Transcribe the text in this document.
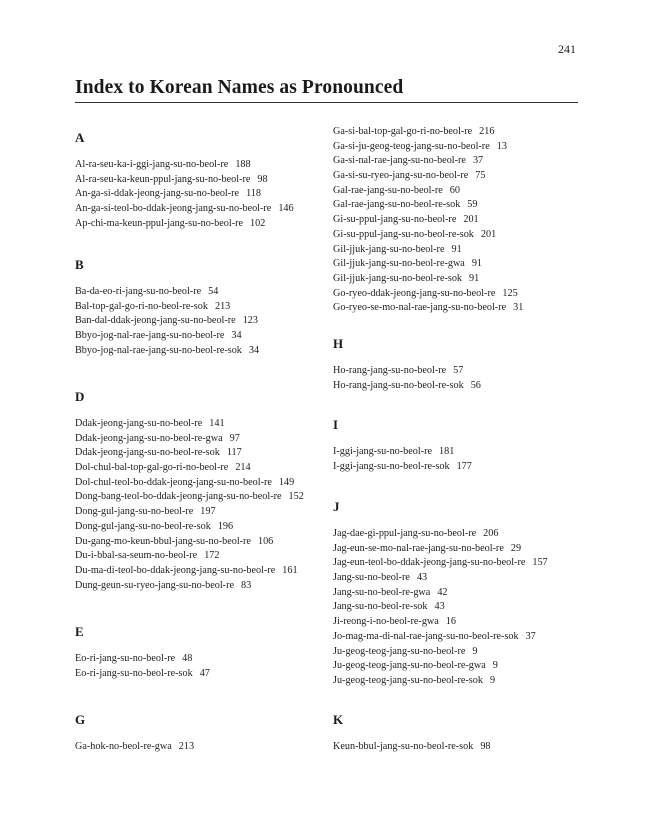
241
Index to Korean Names as Pronounced
A
Al-ra-seu-ka-i-ggi-jang-su-no-beol-re 188
Al-ra-seu-ka-keun-ppul-jang-su-no-beol-re 98
An-ga-si-ddak-jeong-jang-su-no-beol-re 118
An-ga-si-teol-bo-ddak-jeong-jang-su-no-beol-re 146
Ap-chi-ma-keun-ppul-jang-su-no-beol-re 102
B
Ba-da-eo-ri-jang-su-no-beol-re 54
Bal-top-gal-go-ri-no-beol-re-sok 213
Ban-dal-ddak-jeong-jang-su-no-beol-re 123
Bbyo-jog-nal-rae-jang-su-no-beol-re 34
Bbyo-jog-nal-rae-jang-su-no-beol-re-sok 34
D
Ddak-jeong-jang-su-no-beol-re 141
Ddak-jeong-jang-su-no-beol-re-gwa 97
Ddak-jeong-jang-su-no-beol-re-sok 117
Dol-chul-bal-top-gal-go-ri-no-beol-re 214
Dol-chul-teol-bo-ddak-jeong-jang-su-no-beol-re 149
Dong-bang-teol-bo-ddak-jeong-jang-su-no-beol-re 152
Dong-gul-jang-su-no-beol-re 197
Dong-gul-jang-su-no-beol-re-sok 196
Du-gang-mo-keun-bbul-jang-su-no-beol-re 106
Du-i-bbal-sa-seum-no-beol-re 172
Du-ma-di-teol-bo-ddak-jeong-jang-su-no-beol-re 161
Dung-geun-su-ryeo-jang-su-no-beol-re 83
E
Eo-ri-jang-su-no-beol-re 48
Eo-ri-jang-su-no-beol-re-sok 47
G
Ga-hok-no-beol-re-gwa 213
Ga-si-bal-top-gal-go-ri-no-beol-re 216
Ga-si-ju-geog-teog-jang-su-no-beol-re 13
Ga-si-nal-rae-jang-su-no-beol-re 37
Ga-si-su-ryeo-jang-su-no-beol-re 75
Gal-rae-jang-su-no-beol-re 60
Gal-rae-jang-su-no-beol-re-sok 59
Gi-su-ppul-jang-su-no-beol-re 201
Gi-su-ppul-jang-su-no-beol-re-sok 201
Gil-jjuk-jang-su-no-beol-re 91
Gil-jjuk-jang-su-no-beol-re-gwa 91
Gil-jjuk-jang-su-no-beol-re-sok 91
Go-ryeo-ddak-jeong-jang-su-no-beol-re 125
Go-ryeo-se-mo-nal-rae-jang-su-no-beol-re 31
H
Ho-rang-jang-su-no-beol-re 57
Ho-rang-jang-su-no-beol-re-sok 56
I
I-ggi-jang-su-no-beol-re 181
I-ggi-jang-su-no-beol-re-sok 177
J
Jag-dae-gi-ppul-jang-su-no-beol-re 206
Jag-eun-se-mo-nal-rae-jang-su-no-beol-re 29
Jag-eun-teol-bo-ddak-jeong-jang-su-no-beol-re 157
Jang-su-no-beol-re 43
Jang-su-no-beol-re-gwa 42
Jang-su-no-beol-re-sok 43
Ji-reong-i-no-beol-re-gwa 16
Jo-mag-ma-di-nal-rae-jang-su-no-beol-re-sok 37
Ju-geog-teog-jang-su-no-beol-re 9
Ju-geog-teog-jang-su-no-beol-re-gwa 9
Ju-geog-teog-jang-su-no-beol-re-sok 9
K
Keun-bbul-jang-su-no-beol-re-sok 98
